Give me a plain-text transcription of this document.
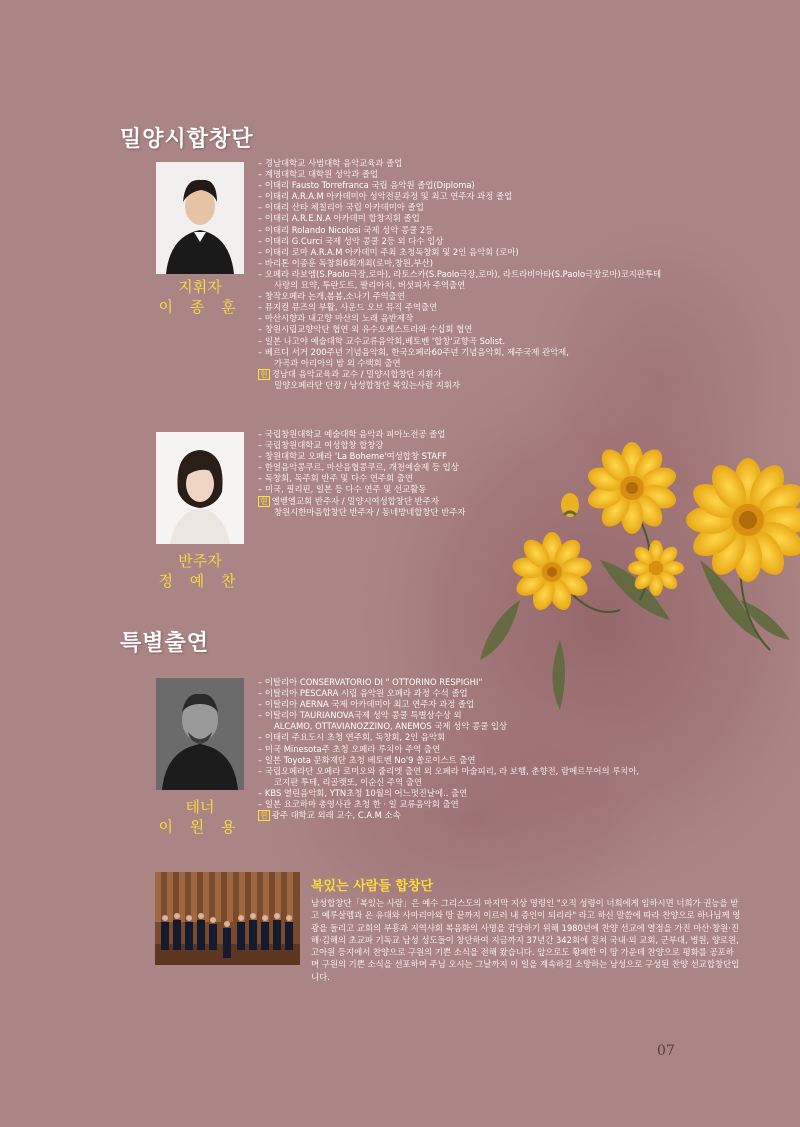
밀양시합창단
지휘자
이 종 훈
– 경남대학교 사범대학 음악교육과 졸업
– 계명대학교 대학원 성악과 졸업
– 이태리 Fausto Torrefranca 국립 음악원 졸업(Diploma)
– 이태리 A.R.A.M 아카데미아 성악전문과정 및 최고 연주자 과정 졸업
– 이태리 산타 체칠리아 국립 아카데미아 졸업
– 이태리 A.R.E.N.A 아카데미 합창지휘 졸업
– 이태리 Rolando Nicolosi 국제 성악 콩쿨 2등
– 이태리 G.Curci 국제 성악 콩쿨 2등 외 다수 입상
– 이태리 로마 A.R.A.M 아카데미 주최 초청독창회 및 2인 음악회 (로마)
– 바리톤 이종훈 독창회6회개최(로마,창원,부산)
– 오페라 라보엠(S.Paolo극장,로마), 라토스카(S.Paolo극장,로마), 라트라비아타(S.Paolo극장로마)코지판투테
사랑의 묘약, 투란도트, 팔리아치, 버섯피자 주역출연
– 창작오페라 논개,봄봄,소나기 주역출연
– 뮤지컬 뮤즈의 부활, 사운드 오브 뮤직 주역출연
– 마산시향과 내고향 마산의 노래 음반제작
– 창원시립교향악단 협연 외 유수오케스트라와 수십회 협연
– 일본 나고야 예술대학 교수교류음악회,베토벤 '합창'교향곡 Solist.
– 베르디 서거 200주년 기념음악회, 한국오페라60주년 기념음악회, 제주국제 관악제,
가곡과 아리아의 밤 외 수백회 출연
현 경남대 음악교육과 교수 / 밀양시합창단 지휘자
밀양오페라단 단장 / 남성합창단 복있는사람 지휘자
반주자
정 예 찬
– 국립창원대학교 예술대학 음악과 피아노전공 졸업
– 국립창원대학교 여성합창 합창장
– 창원대학교 오페라 'La Boheme'여성합창 STAFF
– 한얼음악콩쿠르, 마산음협콩쿠르, 개천예술제 등 입상
– 독창회, 독주회 반주 및 다수 연주회 출연
– 미국, 필리핀, 일본 등 다수 연주 및 선교활동
현 엘벧엘교회 반주자 / 밀양시여성합창단 반주자
창원시한마음합창단 반주자 / 동네방네합창단 반주자
특별출연
테너
이 원 용
– 이탈리아 CONSERVATORIO DI " OTTORINO RESPIGHI"
– 이탈리아 PESCARA 시립 음악원 오페라 과정 수석 졸업
– 이탈리아 AERNA 국제 아카데미아 최고 연주자 과정 졸업
– 이탈리아 TAURIANOVA국제 성악 콩쿨 특별상수상 외
ALCAMO, OTTAVIANOZZINO, ANEMOS 국제 성악 콩쿨 입상
– 이태리 주요도시 초청 연주회, 독창회, 2인 음악회
– 미국 Minesota주 초청 오페라 루치아 주역 출연
– 일본 Toyota 문화재단 초청 베토벤 No'9 쏠로이스트 출연
– 국립오페라단 오페라 로미오와 줄리엣 출연 외 오페라 마술피리, 라 보햄, 춘향전, 람메르무어의 루치아,
코지판 투테, 리골렛또, 이순신 주역 출연
– KBS 열린음악회, YTN초청 10월의 어느멋진날에.. 출연
– 일본 요코하마 총영사관 초청 한 · 일 교류음악회 출연
현 광주 대학교 외래 교수, C.A.M 소속
복있는 사람들 합창단
남성합창단「복있는 사람」은 예수 그리스도의 마지막 지상 명령인 "오직 성령이 너희에게 임하시면 너희가 권능을 받고 예루살렘과 온 유대와 사마리아와 땅 끝까지 이르러 내 증인이 되리라" 라고 하신 말씀에 따라 찬양으로 하나님께 영광을 돌리고 교회의 부흥과 지역사회 복음화의 사명을 감당하기 위해 1980년에 찬양 선교에 열정을 가진 마산·창원·진해·김해의 초교파 기독교 남성 성도들이 창단하여 지금까지 37년간 342회에 걸쳐 국내·외 교회, 군부대, 병원, 양로원, 고아원 등지에서 찬양으로 구원의 기쁜 소식을 전해 왔습니다. 앞으로도 황폐한 이 땅 가운데 찬양으로 평화를 공포하며 구원의 기쁜 소식을 선포하며 주님 오시는 그날까지 이 일을 계속하길 소망하는 남성으로 구성된 찬양 선교합창단입니다.
07
